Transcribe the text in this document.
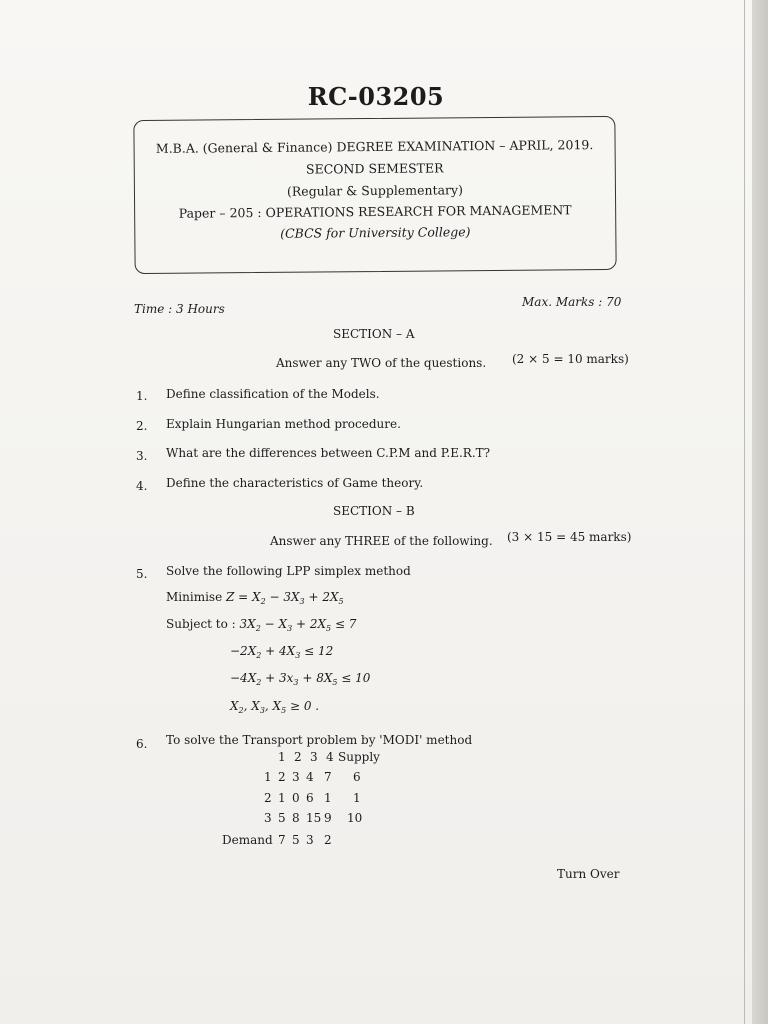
RC-03205
M.B.A. (General & Finance) DEGREE EXAMINATION – APRIL, 2019.
SECOND SEMESTER
(Regular & Supplementary)
Paper – 205 : OPERATIONS RESEARCH FOR MANAGEMENT
(CBCS for University College)
Time : 3 Hours	Max. Marks : 70
SECTION – A
Answer any TWO of the questions. (2 × 5 = 10 marks)
1. Define classification of the Models.
2. Explain Hungarian method procedure.
3. What are the differences between C.P.M and P.E.R.T?
4. Define the characteristics of Game theory.
SECTION – B
Answer any THREE of the following. (3 × 15 = 45 marks)
5. Solve the following LPP simplex method
Minimise $Z = X_2 - 3X_3 + 2X_5$
Subject to : $3X_2 - X_3 + 2X_5 \le 7$
$-2X_2 + 4X_3 \le 12$
$-4X_2 + 3x_3 + 8X_5 \le 10$
$X_2$, $X_3$, $X_5 \ge 0$ .
6. To solve the Transport problem by 'MODI' method
1 2 3 4 Supply
1 2 3 4 7 6
2 1 0 6 1 1
3 5 8 15 9 10
Demand 7 5 3 2
Turn Over
